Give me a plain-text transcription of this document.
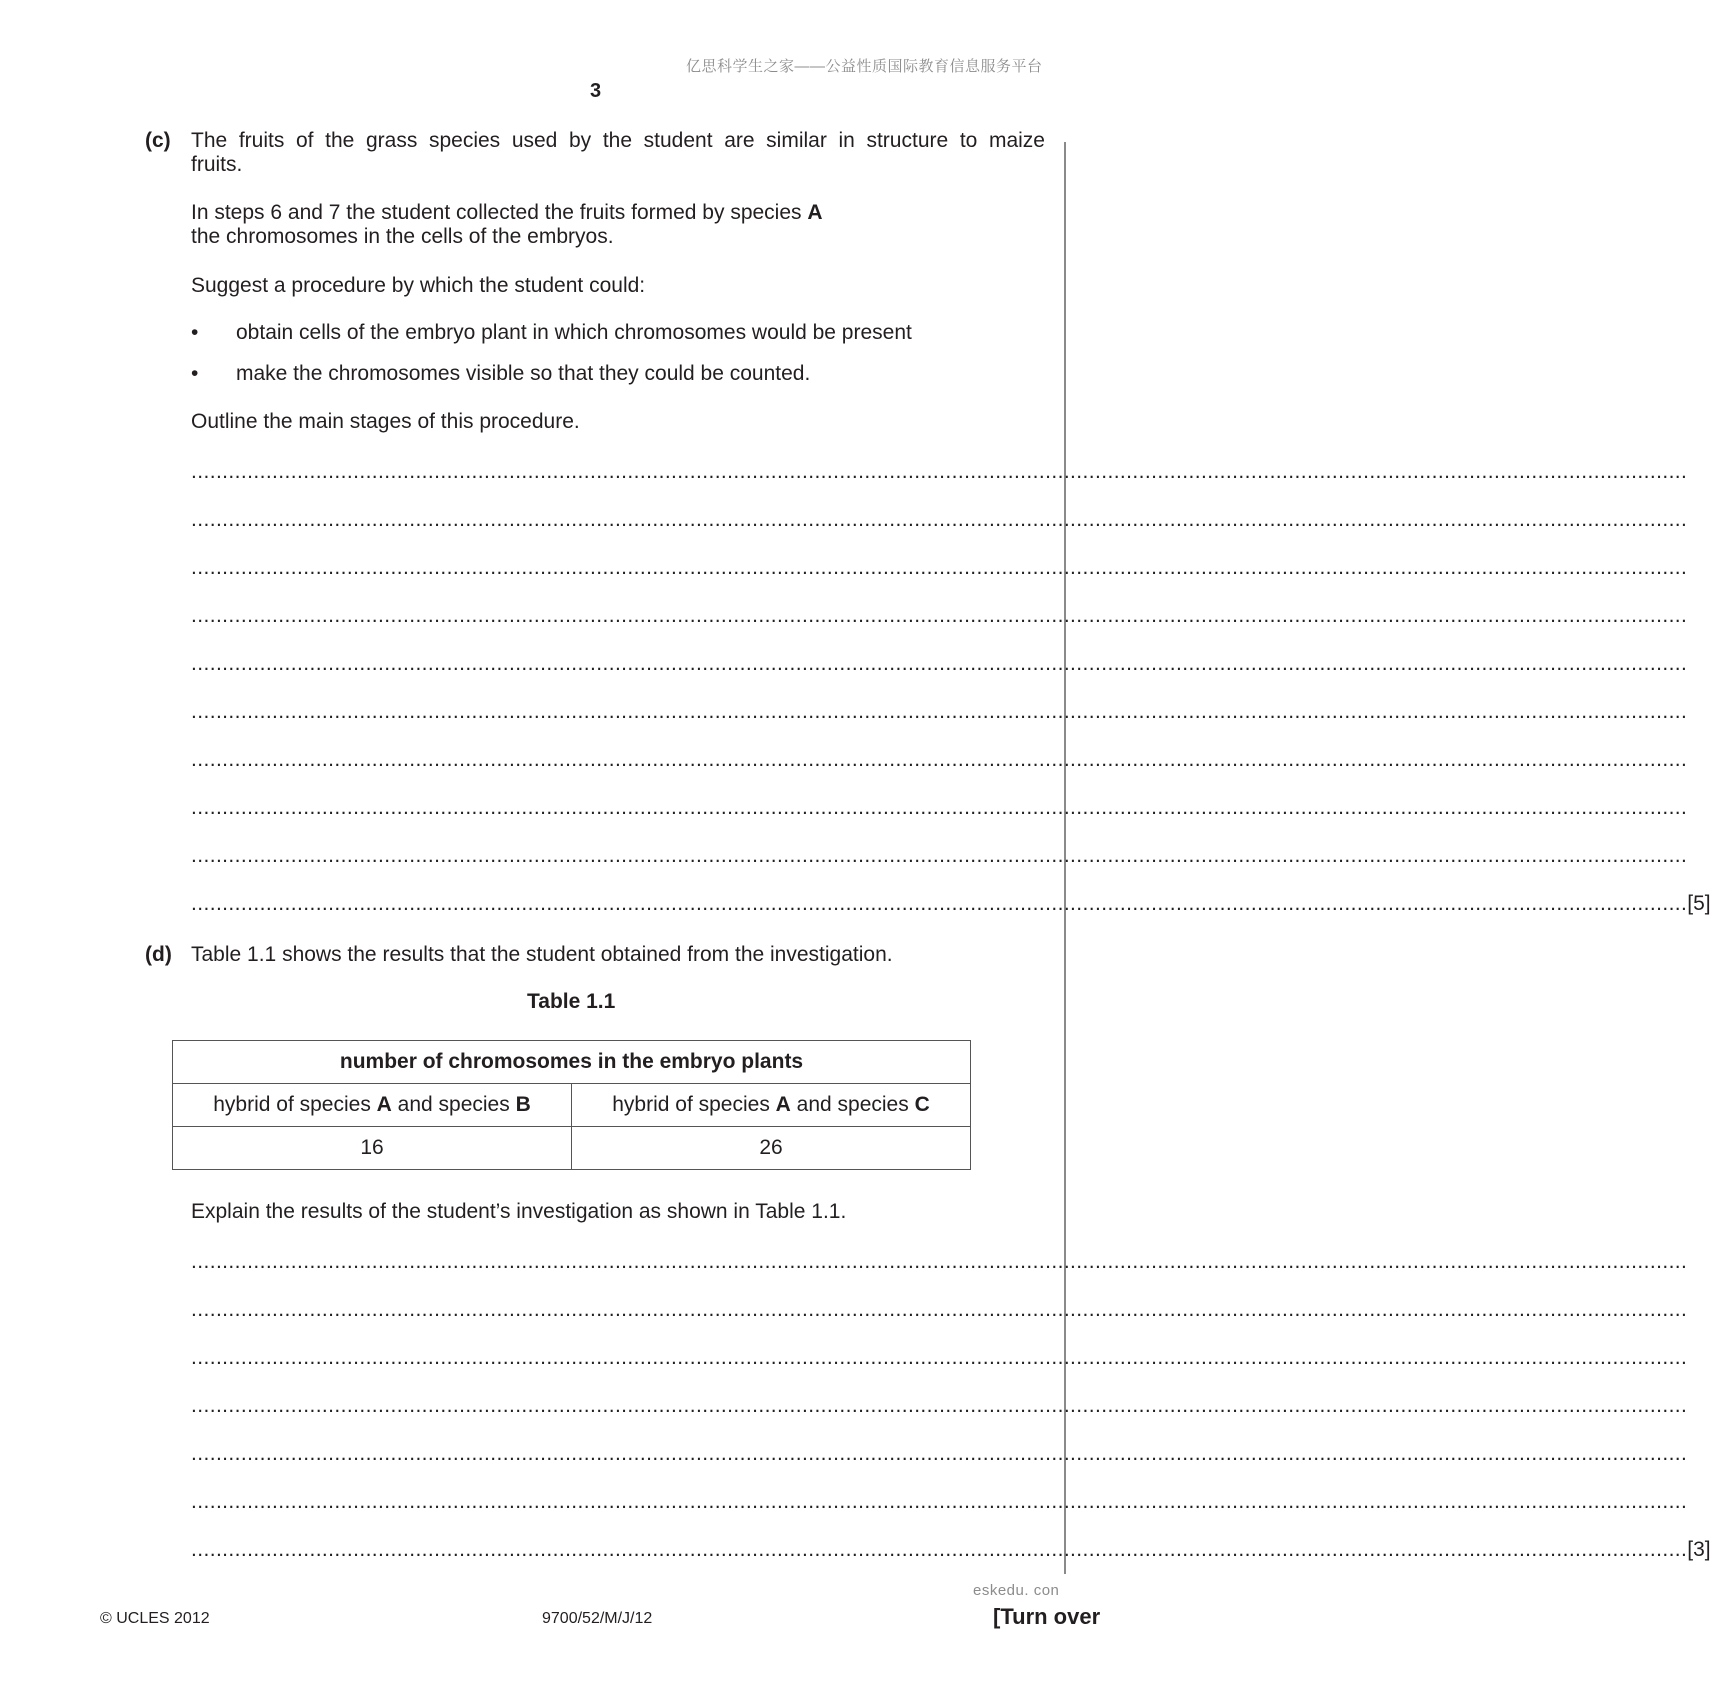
亿思科学生之家——公益性质国际教育信息服务平台
3
(c) The fruits of the grass species used by the student are similar in structure to maize
fruits.
In steps 6 and 7 the student collected the fruits formed by species A
the chromosomes in the cells of the embryos.
Suggest a procedure by which the student could:
• obtain cells of the embryo plant in which chromosomes would be present
• make the chromosomes visible so that they could be counted.
Outline the main stages of this procedure.
................................................................................................................................................................................................................................................
................................................................................................................................................................................................................................................
................................................................................................................................................................................................................................................
................................................................................................................................................................................................................................................
................................................................................................................................................................................................................................................
................................................................................................................................................................................................................................................
................................................................................................................................................................................................................................................
................................................................................................................................................................................................................................................
................................................................................................................................................................................................................................................
................................................................................................................................................................................................................................................ [5]
(d) Table 1.1 shows the results that the student obtained from the investigation.
Table 1.1
number of chromosomes in the embryo plants	
hybrid of species A and species B	hybrid of species A and species C
16	26
Explain the results of the student’s investigation as shown in Table 1.1.
................................................................................................................................................................................................................................................
................................................................................................................................................................................................................................................
................................................................................................................................................................................................................................................
................................................................................................................................................................................................................................................
................................................................................................................................................................................................................................................
................................................................................................................................................................................................................................................
................................................................................................................................................................................................................................................ [3]
eskedu. con
© UCLES 2012	9700/52/M/J/12	[Turn over
